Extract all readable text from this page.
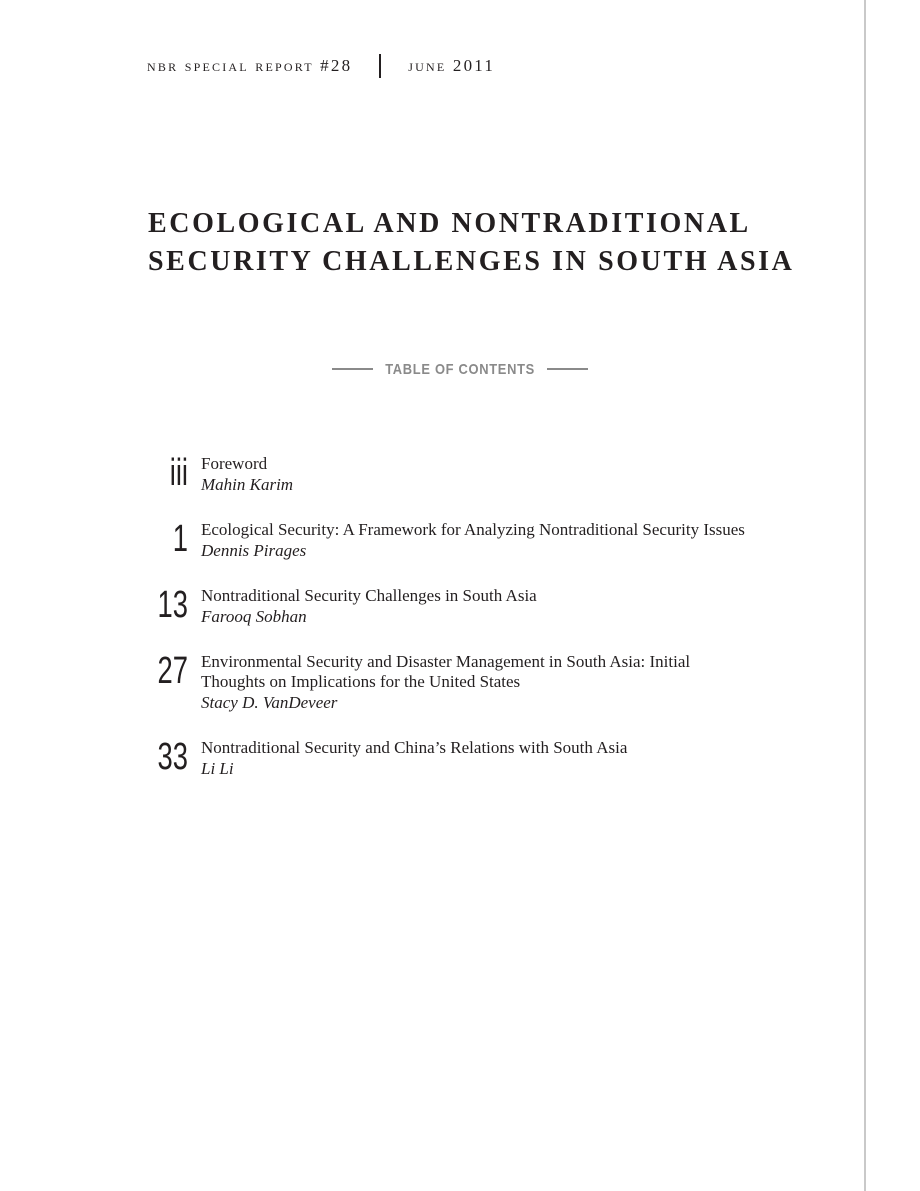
nbr special report #28	june 2011
ECOLOGICAL AND NONTRADITIONAL
SECURITY CHALLENGES IN SOUTH ASIA
TABLE OF CONTENTS
iii Foreword
Mahin Karim
1 Ecological Security: A Framework for Analyzing Nontraditional Security Issues
Dennis Pirages
13 Nontraditional Security Challenges in South Asia
Farooq Sobhan
27 Environmental Security and Disaster Management in South Asia: Initial
Thoughts on Implications for the United States
Stacy D. VanDeveer
33 Nontraditional Security and China’s Relations with South Asia
Li Li
